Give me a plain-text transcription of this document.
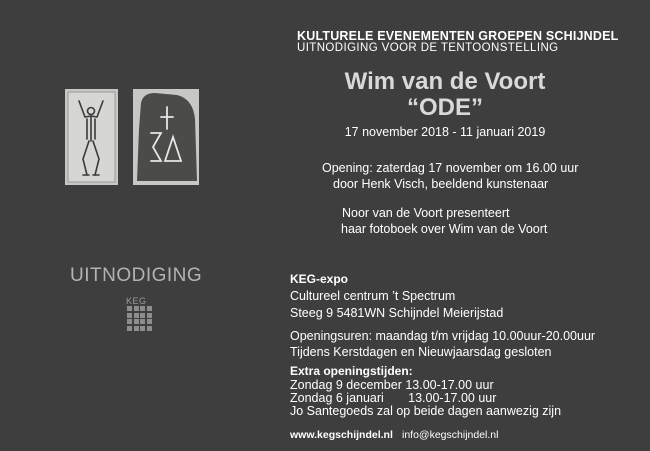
KULTURELE EVENEMENTEN GROEPEN SCHIJNDEL
UITNODIGING VOOR DE TENTOONSTELLING
Wim van de Voort
“ODE”
17 november 2018 - 11 januari 2019
Opening: zaterdag 17 november om 16.00 uur
door Henk Visch, beeldend kunstenaar
Noor van de Voort presenteert
haar fotoboek over Wim van de Voort
UITNODIGING
KEG
KEG-expo
Cultureel centrum ’t Spectrum
Steeg 9 5481WN Schijndel Meierijstad
Openingsuren: maandag t/m vrijdag 10.00uur-20.00uur
Tijdens Kerstdagen en Nieuwjaarsdag gesloten
Extra openingstijden:
Zondag 9 december 13.00-17.00 uur
Zondag 6 januari       13.00-17.00 uur
Jo Santegoeds zal op beide dagen aanwezig zijn
www.kegschijndel.nl info@kegschijndel.nl
